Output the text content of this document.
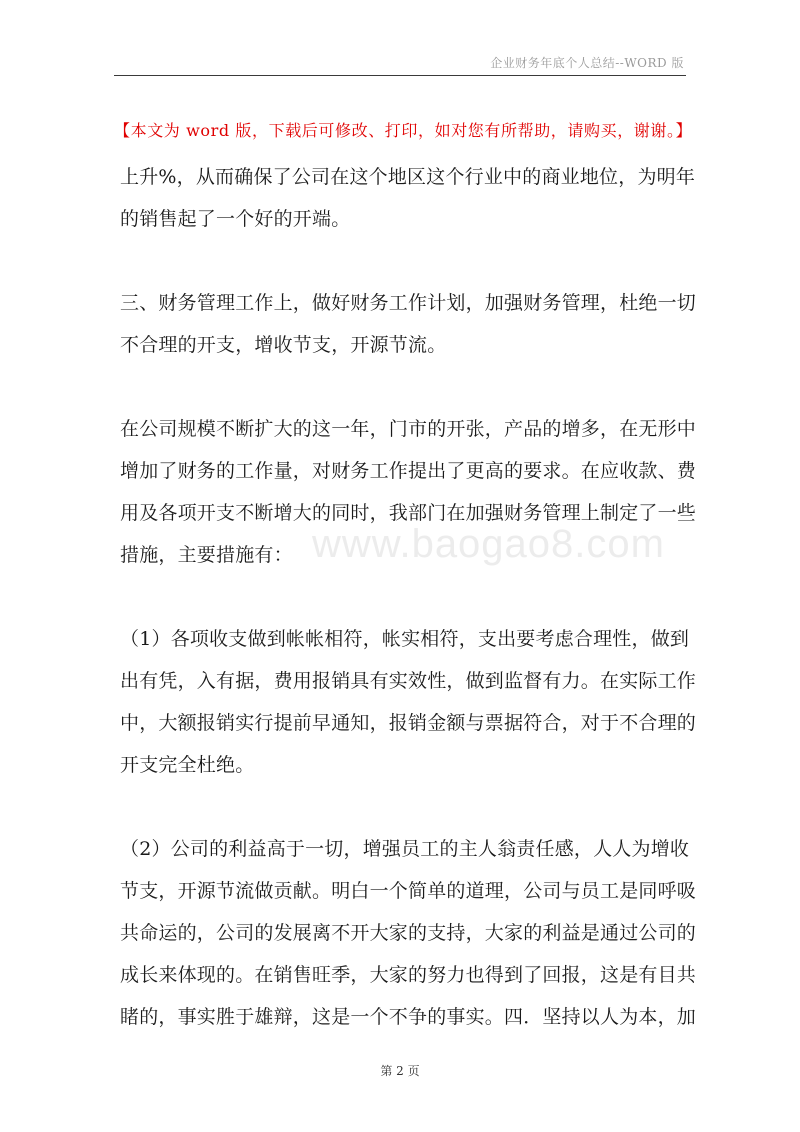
企业财务年底个人总结--WORD 版
【本文为 word 版，下载后可修改、打印，如对您有所帮助，请购买，谢谢。】
上升%，从而确保了公司在这个地区这个行业中的商业地位，为明年
的销售起了一个好的开端。
三、财务管理工作上，做好财务工作计划，加强财务管理，杜绝一切
不合理的开支，增收节支，开源节流。
在公司规模不断扩大的这一年，门市的开张，产品的增多，在无形中
增加了财务的工作量，对财务工作提出了更高的要求。在应收款、费
用及各项开支不断增大的同时，我部门在加强财务管理上制定了一些
措施，主要措施有：
（1）各项收支做到帐帐相符，帐实相符，支出要考虑合理性，做到
出有凭，入有据，费用报销具有实效性，做到监督有力。在实际工作
中，大额报销实行提前早通知，报销金额与票据符合，对于不合理的
开支完全杜绝。
（2）公司的利益高于一切，增强员工的主人翁责任感，人人为增收
节支，开源节流做贡献。明白一个简单的道理，公司与员工是同呼吸
共命运的，公司的发展离不开大家的支持，大家的利益是通过公司的
成长来体现的。在销售旺季，大家的努力也得到了回报，这是有目共
睹的，事实胜于雄辩，这是一个不争的事实。四．坚持以人为本，加
www.baogao8.com
第 2 页
